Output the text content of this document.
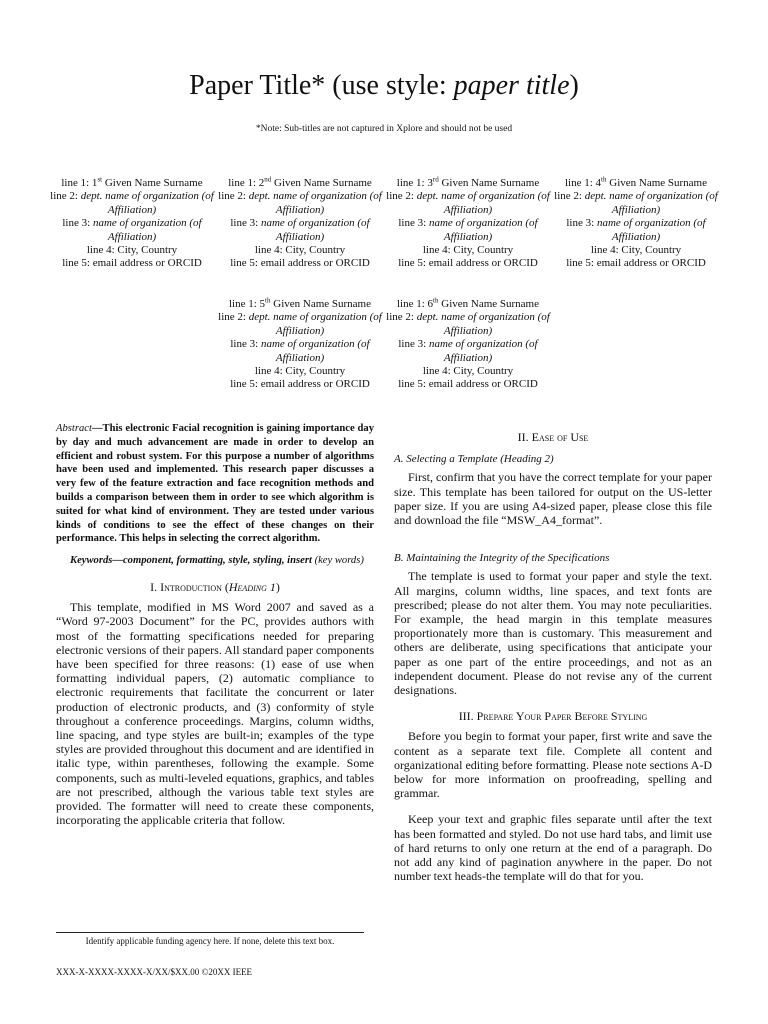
Paper Title* (use style: paper title)
*Note: Sub-titles are not captured in Xplore and should not be used
line 1: 1st Given Name Surname
line 2: dept. name of organization (of Affiliation)
line 3: name of organization (of Affiliation)
line 4: City, Country
line 5: email address or ORCID
line 1: 2nd Given Name Surname
line 2: dept. name of organization (of Affiliation)
line 3: name of organization (of Affiliation)
line 4: City, Country
line 5: email address or ORCID
line 1: 3rd Given Name Surname
line 2: dept. name of organization (of Affiliation)
line 3: name of organization (of Affiliation)
line 4: City, Country
line 5: email address or ORCID
line 1: 4th Given Name Surname
line 2: dept. name of organization (of Affiliation)
line 3: name of organization (of Affiliation)
line 4: City, Country
line 5: email address or ORCID
line 1: 5th Given Name Surname
line 2: dept. name of organization (of Affiliation)
line 3: name of organization (of Affiliation)
line 4: City, Country
line 5: email address or ORCID
line 1: 6th Given Name Surname
line 2: dept. name of organization (of Affiliation)
line 3: name of organization (of Affiliation)
line 4: City, Country
line 5: email address or ORCID
Abstract—This electronic Facial recognition is gaining importance day by day and much advancement are made in order to develop an efficient and robust system. For this purpose a number of algorithms have been used and implemented. This research paper discusses a very few of the feature extraction and face recognition methods and builds a comparison between them in order to see which algorithm is suited for what kind of environment. They are tested under various kinds of conditions to see the effect of these changes on their performance. This helps in selecting the correct algorithm.
Keywords—component, formatting, style, styling, insert (key words)
I. Introduction (Heading 1)

This template, modified in MS Word 2007 and saved as a “Word 97-2003 Document” for the PC, provides authors with most of the formatting specifications needed for preparing electronic versions of their papers. All standard paper components have been specified for three reasons: (1) ease of use when formatting individual papers, (2) automatic compliance to electronic requirements that facilitate the concurrent or later production of electronic products, and (3) conformity of style throughout a conference proceedings. Margins, column widths, line spacing, and type styles are built-in; examples of the type styles are provided throughout this document and are identified in italic type, within parentheses, following the example. Some components, such as multi-leveled equations, graphics, and tables are not prescribed, although the various table text styles are provided. The formatter will need to create these components, incorporating the applicable criteria that follow.

II. Ease of Use
A. Selecting a Template (Heading 2)

First, confirm that you have the correct template for your paper size. This template has been tailored for output on the US-letter paper size. If you are using A4-sized paper, please close this file and download the file “MSW_A4_format”.

B. Maintaining the Integrity of the Specifications

The template is used to format your paper and style the text. All margins, column widths, line spaces, and text fonts are prescribed; please do not alter them. You may note peculiarities. For example, the head margin in this template measures proportionately more than is customary. This measurement and others are deliberate, using specifications that anticipate your paper as one part of the entire proceedings, and not as an independent document. Please do not revise any of the current designations.

III. Prepare Your Paper Before Styling

Before you begin to format your paper, first write and save the content as a separate text file. Complete all content and organizational editing before formatting. Please note sections A-D below for more information on proofreading, spelling and grammar.

Keep your text and graphic files separate until after the text has been formatted and styled. Do not use hard tabs, and limit use of hard returns to only one return at the end of a paragraph. Do not add any kind of pagination anywhere in the paper. Do not number text heads-the template will do that for you.

Identify applicable funding agency here. If none, delete this text box.
XXX-X-XXXX-XXXX-X/XX/$XX.00 ©20XX IEEE
